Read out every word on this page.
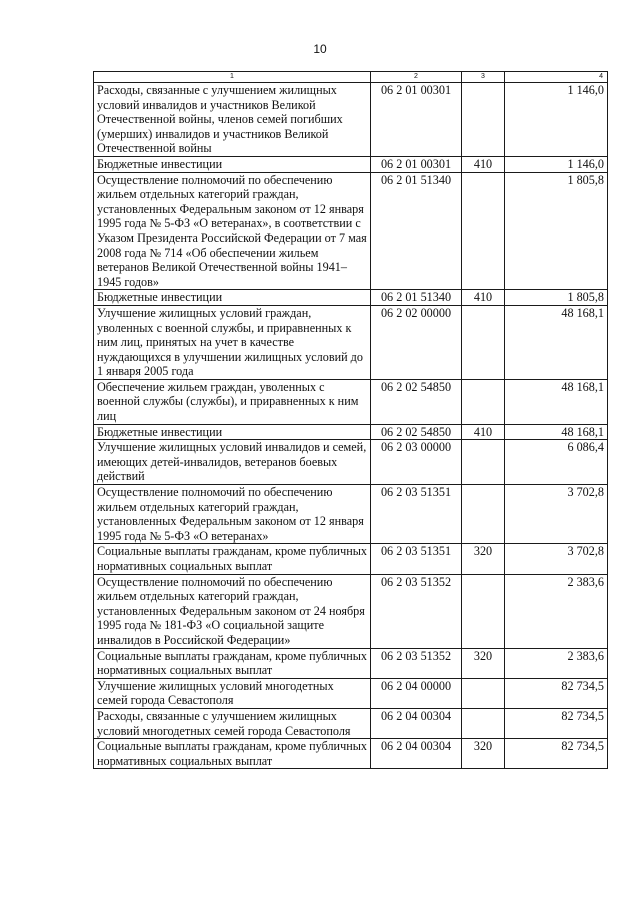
10
1	2	3	4
Расходы, связанные с улучшением жилищных условий инвалидов и участников Великой Отечественной войны, членов семей погибших (умерших) инвалидов и участников Великой Отечественной войны	06 2 01 00301		1 146,0
Бюджетные инвестиции	06 2 01 00301	410	1 146,0
Осуществление полномочий по обеспечению жильем отдельных категорий граждан, установленных Федеральным законом от 12 января 1995 года № 5-ФЗ «О ветеранах», в соответствии с Указом Президента Российской Федерации от 7 мая 2008 года № 714 «Об обеспечении жильем ветеранов Великой Отечественной войны 1941–1945 годов»	06 2 01 51340		1 805,8
Бюджетные инвестиции	06 2 01 51340	410	1 805,8
Улучшение жилищных условий граждан, уволенных с военной службы, и приравненных к ним лиц, принятых на учет в качестве нуждающихся в улучшении жилищных условий до 1 января 2005 года	06 2 02 00000		48 168,1
Обеспечение жильем граждан, уволенных с военной службы (службы), и приравненных к ним лиц	06 2 02 54850		48 168,1
Бюджетные инвестиции	06 2 02 54850	410	48 168,1
Улучшение жилищных условий инвалидов и семей, имеющих детей-инвалидов, ветеранов боевых действий	06 2 03 00000		6 086,4
Осуществление полномочий по обеспечению жильем отдельных категорий граждан, установленных Федеральным законом от 12 января 1995 года № 5-ФЗ «О ветеранах»	06 2 03 51351		3 702,8
Социальные выплаты гражданам, кроме публичных нормативных социальных выплат	06 2 03 51351	320	3 702,8
Осуществление полномочий по обеспечению жильем отдельных категорий граждан, установленных Федеральным законом от 24 ноября 1995 года № 181-ФЗ «О социальной защите инвалидов в Российской Федерации»	06 2 03 51352		2 383,6
Социальные выплаты гражданам, кроме публичных нормативных социальных выплат	06 2 03 51352	320	2 383,6
Улучшение жилищных условий многодетных семей города Севастополя	06 2 04 00000		82 734,5
Расходы, связанные с улучшением жилищных условий многодетных семей города Севастополя	06 2 04 00304		82 734,5
Социальные выплаты гражданам, кроме публичных нормативных социальных выплат	06 2 04 00304	320	82 734,5
